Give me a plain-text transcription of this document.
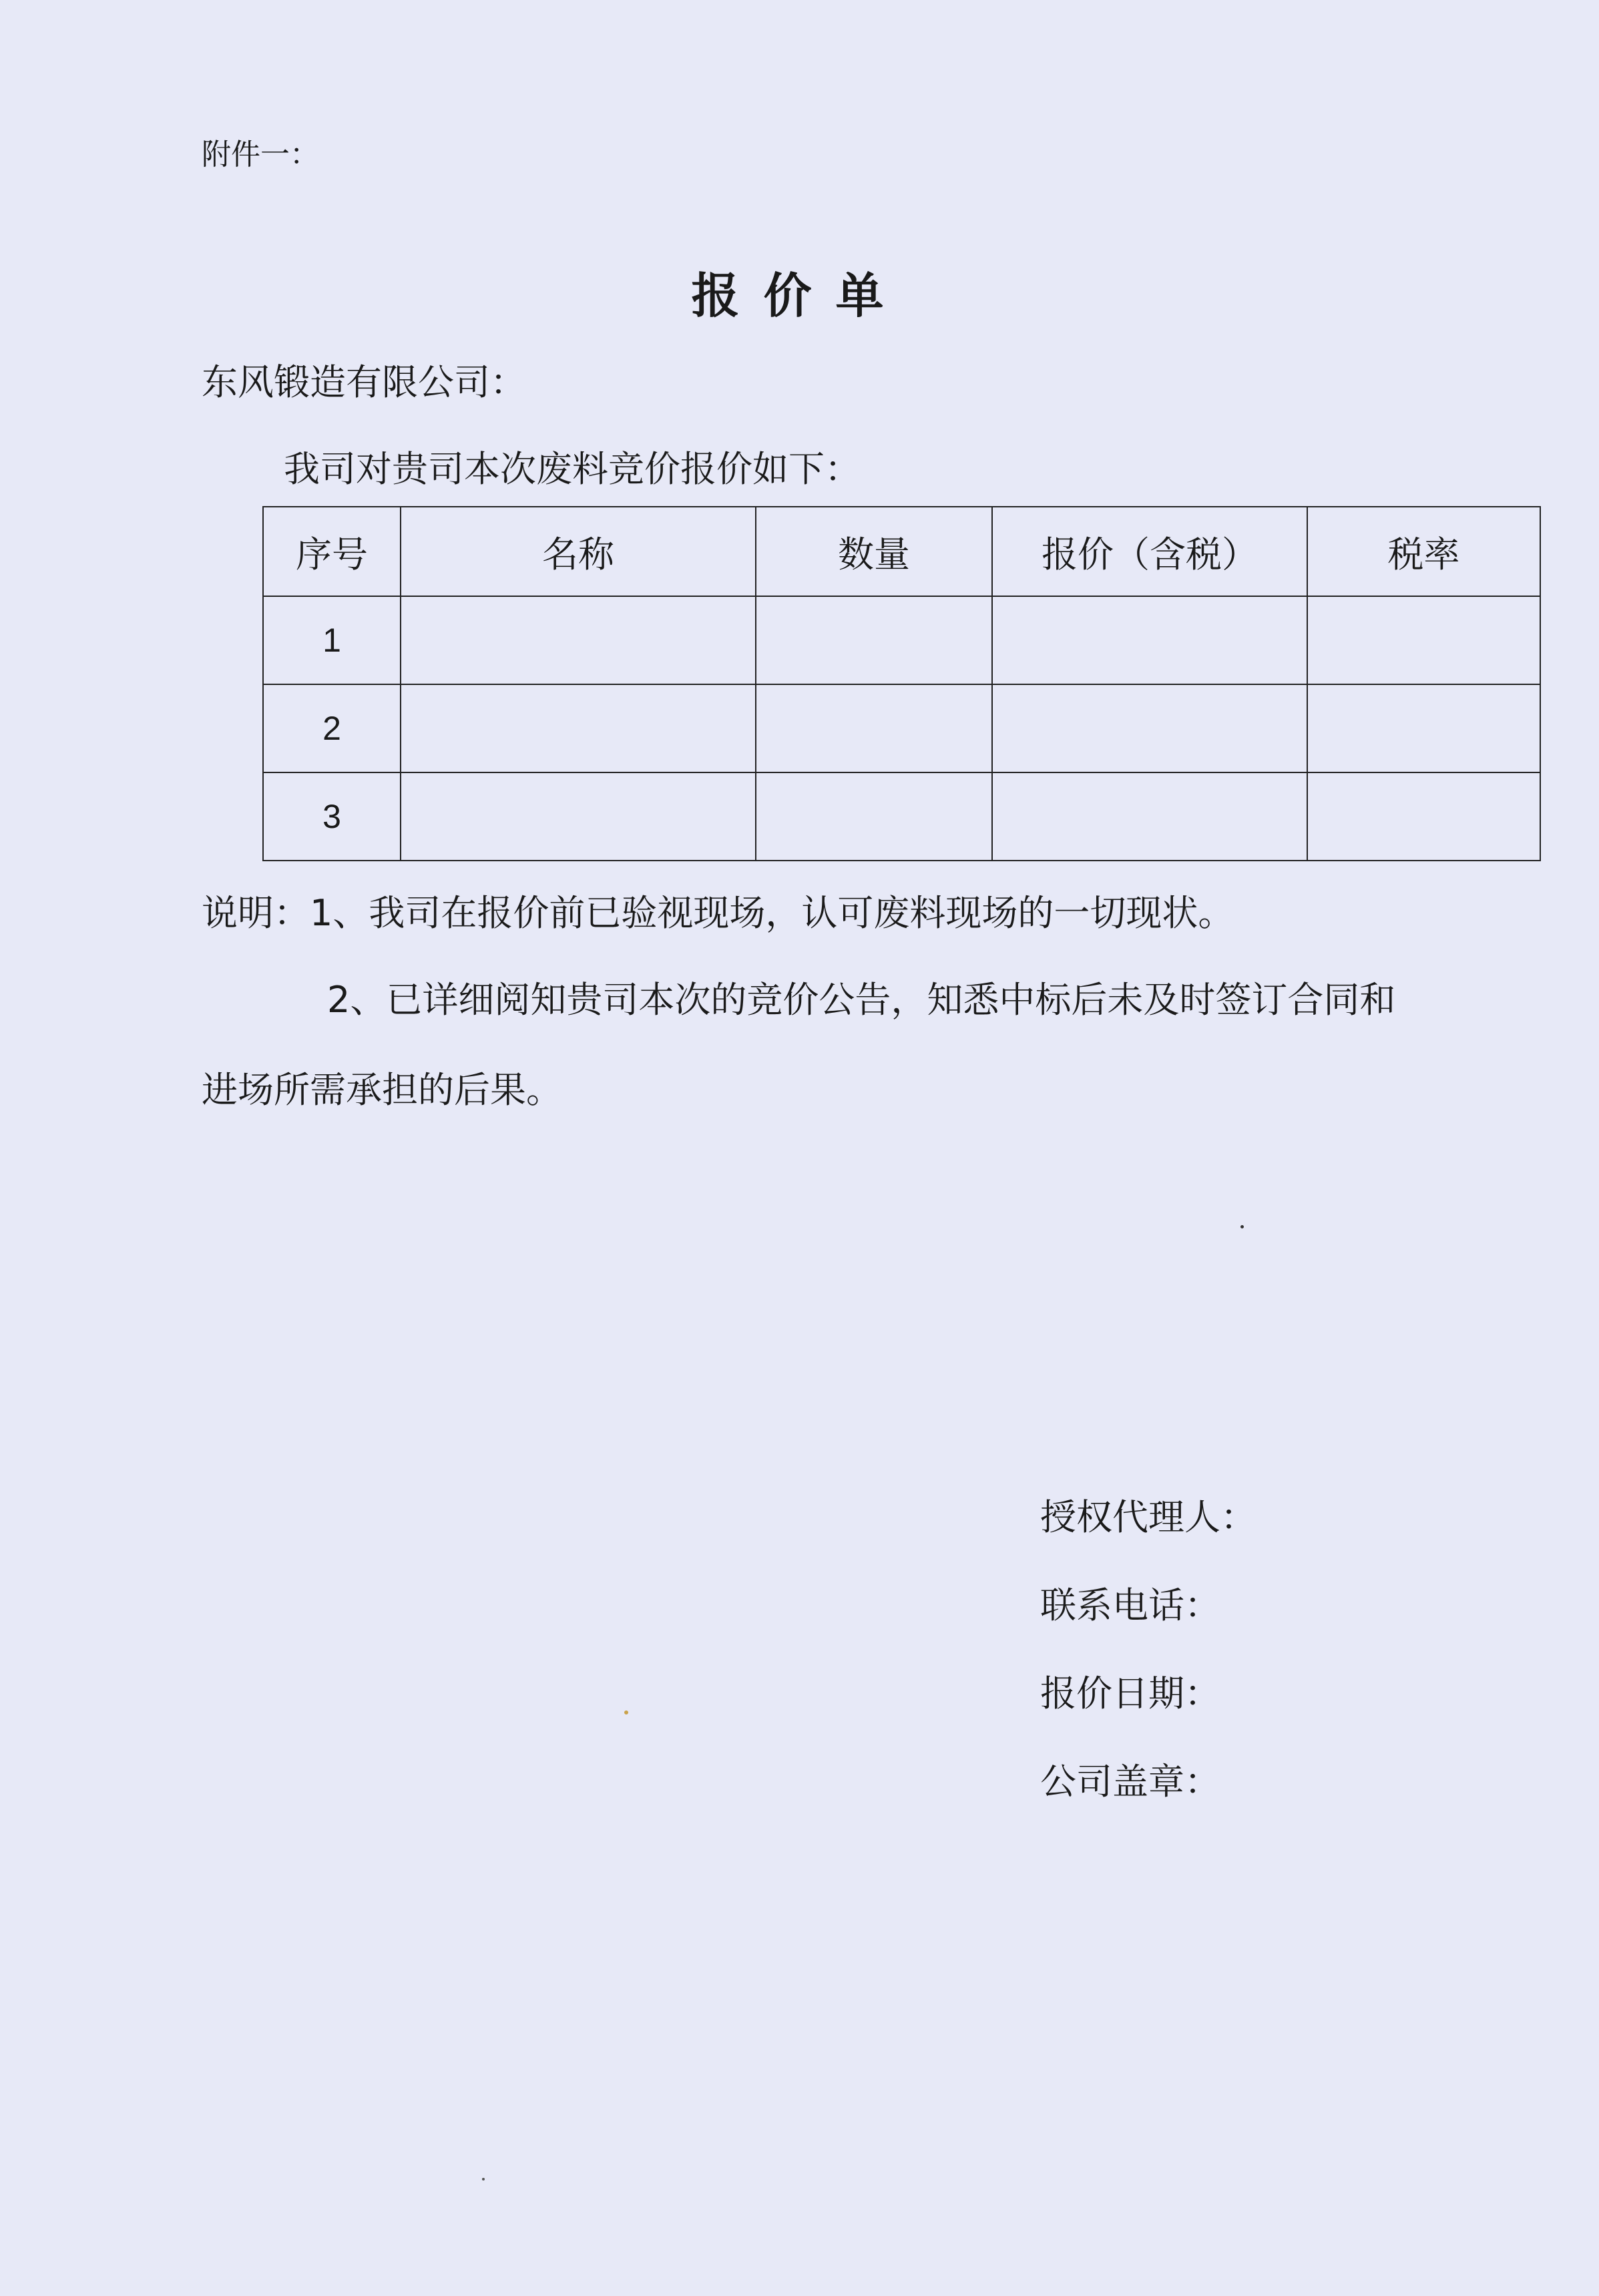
附件一：
报价单
东风锻造有限公司：
我司对贵司本次废料竞价报价如下：
序号	名称	数量	报价（含税）	税率
1				
2				
3				
说明：1、我司在报价前已验视现场，认可废料现场的一切现状。
2、已详细阅知贵司本次的竞价公告，知悉中标后未及时签订合同和
进场所需承担的后果。
授权代理人：
联系电话：
报价日期：
公司盖章：
